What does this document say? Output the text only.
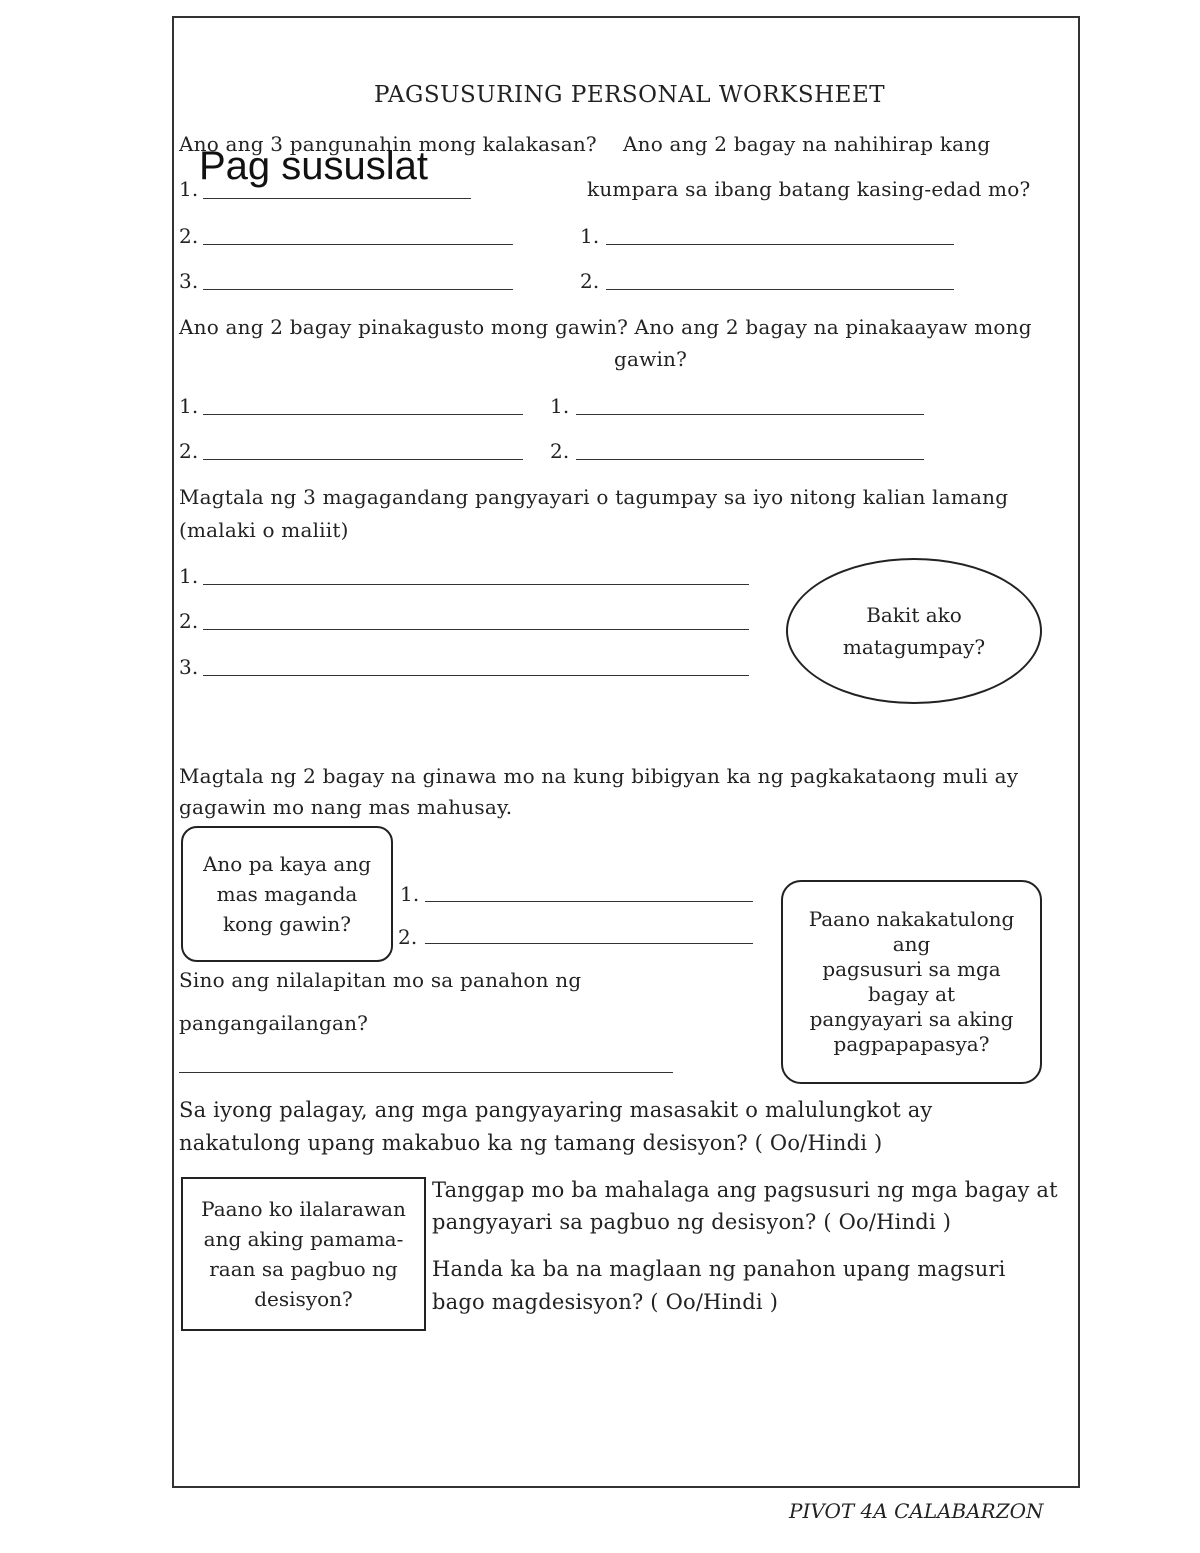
PAGSUSURING PERSONAL WORKSHEET
Ano ang 3 pangunahin mong kalakasan? Ano ang 2 bagay na nahihirap kang
kumpara sa ibang batang kasing-edad mo?
1.
Pag sususlat
2.
3.
1.
2.
Ano ang 2 bagay pinakagusto mong gawin? Ano ang 2 bagay na pinakaayaw mong
gawin?
1.
2.
1.
2.
Magtala ng 3 magagandang pangyayari o tagumpay sa iyo nitong kalian lamang
(malaki o maliit)
1.
2.
3.
Bakit ako
matagumpay?
Magtala ng 2 bagay na ginawa mo na kung bibigyan ka ng pagkakataong muli ay
gagawin mo nang mas mahusay.
Ano pa kaya ang
mas maganda
kong gawin?
1.
2.
Paano nakakatulong
ang
pagsusuri sa mga
bagay at
pangyayari sa aking
pagpapapasya?
Sino ang nilalapitan mo sa panahon ng
pangangailangan?
Sa iyong palagay, ang mga pangyayaring masasakit o malulungkot ay
nakatulong upang makabuo ka ng tamang desisyon? ( Oo/Hindi )
Paano ko ilalarawan
ang aking pamama-
raan sa pagbuo ng
desisyon?
Tanggap mo ba mahalaga ang pagsusuri ng mga bagay at
pangyayari sa pagbuo ng desisyon? ( Oo/Hindi )
Handa ka ba na maglaan ng panahon upang magsuri
bago magdesisyon? ( Oo/Hindi )
PIVOT 4A CALABARZON
